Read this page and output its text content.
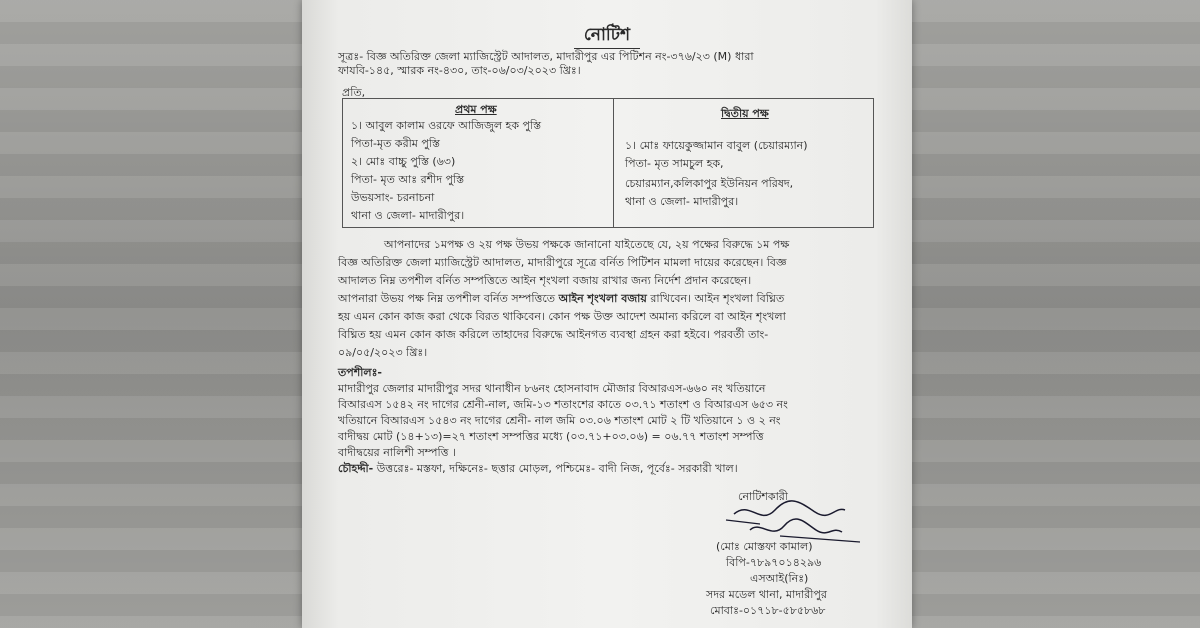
নোটিশ
সূত্রঃ- বিজ্ঞ অতিরিক্ত জেলা ম্যাজিস্ট্রেট আদালত, মাদারীপুর এর পিটিশন নং-৩৭৬/২৩ (M) ধারা
ফাযবি-১৪৫, স্মারক নং-৪৩০, তাং-০৬/০৩/২০২৩ খ্রিঃ।
প্রতি,
প্রথম পক্ষ	দ্বিতীয় পক্ষ
১। আবুল কালাম ওরফে আজিজুল হক পুস্তি
পিতা-মৃত করীম পুস্তি
২। মোঃ বাচ্চু পুস্তি (৬৩)
পিতা- মৃত আঃ রশীদ পুস্তি
উভয়সাং- চরনাচনা
থানা ও জেলা- মাদারীপুর।
১। মোঃ ফায়েকুজ্জামান বাবুল (চেয়ারম্যান)
পিতা- মৃত সামচুল হক,
চেয়ারম্যান,কলিকাপুর ইউনিয়ন পরিষদ,
থানা ও জেলা- মাদারীপুর।
আপনাদের ১মপক্ষ ও ২য় পক্ষ উভয় পক্ষকে জানানো যাইতেছে যে, ২য় পক্ষের বিরুদ্ধে ১ম পক্ষ
বিজ্ঞ অতিরিক্ত জেলা ম্যাজিস্ট্রেট আদালত, মাদারীপুরে সূত্রে বর্নিত পিটিশন মামলা দায়ের করেছেন। বিজ্ঞ
আদালত নিম্ন তপশীল বর্নিত সম্পত্তিতে আইন শৃংখলা বজায় রাখার জন্য নির্দেশ প্রদান করেছেন।
আপনারা উভয় পক্ষ নিম্ন তপশীল বর্নিত সম্পত্তিতে আইন শৃংখলা বজায় রাখিবেন। আইন শৃংখলা বিঘ্নিত
হয় এমন কোন কাজ করা থেকে বিরত থাকিবেন। কোন পক্ষ উক্ত আদেশ অমান্য করিলে বা আইন শৃংখলা
বিঘ্নিত হয় এমন কোন কাজ করিলে তাহাদের বিরুদ্ধে আইনগত ব্যবস্থা গ্রহন করা হইবে। পরবর্তী তাং-
০৯/০৫/২০২৩ খ্রিঃ।
তপশীলঃ-
মাদারীপুর জেলার মাদারীপুর সদর থানাধীন ৮৬নং হোসনাবাদ মৌজার বিআরএস-৬৬০ নং খতিয়ানে
বিআরএস ১৫৪২ নং দাগের শ্রেনী-নাল, জমি-১৩ শতাংশের কাতে ০৩.৭১ শতাংশ ও বিআরএস ৬৫৩ নং
খতিয়ানে বিআরএস ১৫৪৩ নং দাগের শ্রেনী- নাল জমি ০৩.০৬ শতাংশ মোট ২ টি খতিয়ানে ১ ও ২ নং
বাদীদ্বয় মোট (১৪+১৩)=২৭ শতাংশ সম্পত্তির মধ্যে (০৩.৭১+০৩.০৬) = ০৬.৭৭ শতাংশ সম্পত্তি
বাদীদ্বয়ের নালিশী সম্পত্তি ।
চৌহদ্দী- উত্তরেঃ- মস্তফা, দক্ষিনেঃ- ছত্তার মোড়ল, পশ্চিমেঃ- বাদী নিজ, পূর্বেঃ- সরকারী খাল।
নোটিশকারী
(মোঃ মোস্তফা কামাল)
বিপি-৭৮৯৭০১৪২৯৬
এসআই(নিঃ)
সদর মডেল থানা, মাদারীপুর
মোবাঃ-০১৭১৮-৫৮৫৮৬৮
